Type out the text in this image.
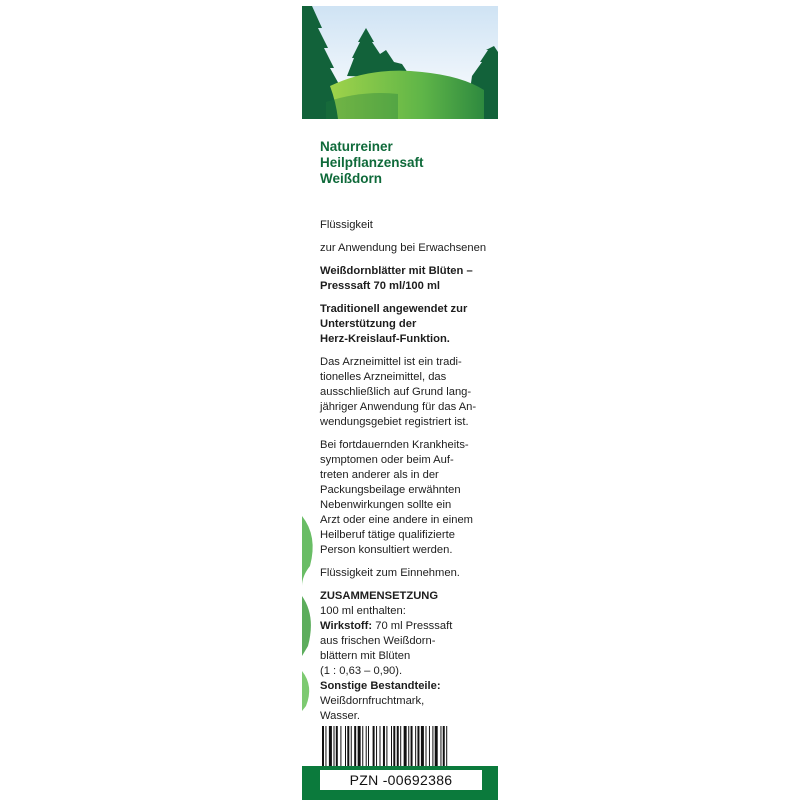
Naturreiner
Heilpflanzensaft
Weißdorn

Flüssigkeit

zur Anwendung bei Erwachsenen

Weißdornblätter mit Blüten –
Presssaft 70 ml/100 ml

Traditionell angewendet zur
Unterstützung der
Herz-Kreislauf-Funktion.

Das Arzneimittel ist ein tradi-
tionelles Arzneimittel, das
ausschließlich auf Grund lang-
jähriger Anwendung für das An-
wendungsgebiet registriert ist.

Bei fortdauernden Krankheits-
symptomen oder beim Auf-
treten anderer als in der
Packungsbeilage erwähnten
Nebenwirkungen sollte ein
Arzt oder eine andere in einem
Heilberuf tätige qualifizierte
Person konsultiert werden.

Flüssigkeit zum Einnehmen.

ZUSAMMENSETZUNG
100 ml enthalten:
Wirkstoff: 70 ml Presssaft
aus frischen Weißdorn-
blättern mit Blüten
(1 : 0,63 – 0,90).
Sonstige Bestandteile:
Weißdornfruchtmark,
Wasser.

PZN -00692386
